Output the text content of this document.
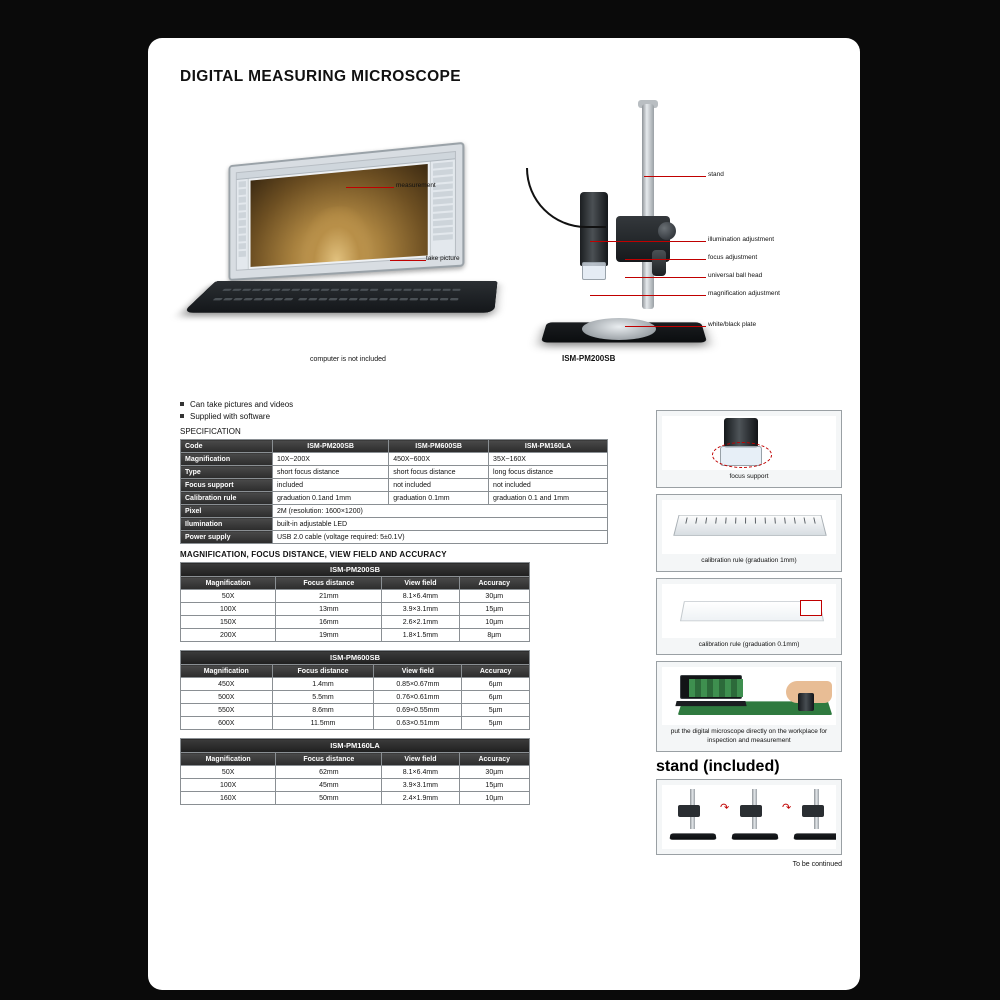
DIGITAL MEASURING MICROSCOPE

measurement
take picture
stand
illumination adjustment
focus adjustment
universal ball head
magnification adjustment
white/black plate
computer is not included	ISM-PM200SB
Can take pictures and videos
Supplied with software
SPECIFICATION
Code	ISM-PM200SB	ISM-PM600SB	ISM-PM160LA
Magnification	10X~200X	450X~600X	35X~160X
Type	short focus distance	short focus distance	long focus distance
Focus support	included	not included	not included
Calibration rule	graduation 0.1and 1mm	graduation 0.1mm	graduation 0.1 and 1mm
Pixel	2M (resolution: 1600×1200)		
Ilumination	built-in adjustable LED		
Power supply	USB 2.0 cable (voltage required: 5±0.1V)		
MAGNIFICATION, FOCUS DISTANCE, VIEW FIELD AND ACCURACY
ISM-PM200SB			
Magnification	Focus distance	View field	Accuracy
50X	21mm	8.1×6.4mm	30µm
100X	13mm	3.9×3.1mm	15µm
150X	16mm	2.6×2.1mm	10µm
200X	19mm	1.8×1.5mm	8µm
ISM-PM600SB			
Magnification	Focus distance	View field	Accuracy
450X	1.4mm	0.85×0.67mm	6µm
500X	5.5mm	0.76×0.61mm	6µm
550X	8.6mm	0.69×0.55mm	5µm
600X	11.5mm	0.63×0.51mm	5µm
ISM-PM160LA			
Magnification	Focus distance	View field	Accuracy
50X	62mm	8.1×6.4mm	30µm
100X	45mm	3.9×3.1mm	15µm
160X	50mm	2.4×1.9mm	10µm
focus support
calibration rule (graduation 1mm)
calibration rule (graduation 0.1mm)
put the digital microscope directly on the workplace for inspection and measurement
stand (included)
↷	↷
To be continued
